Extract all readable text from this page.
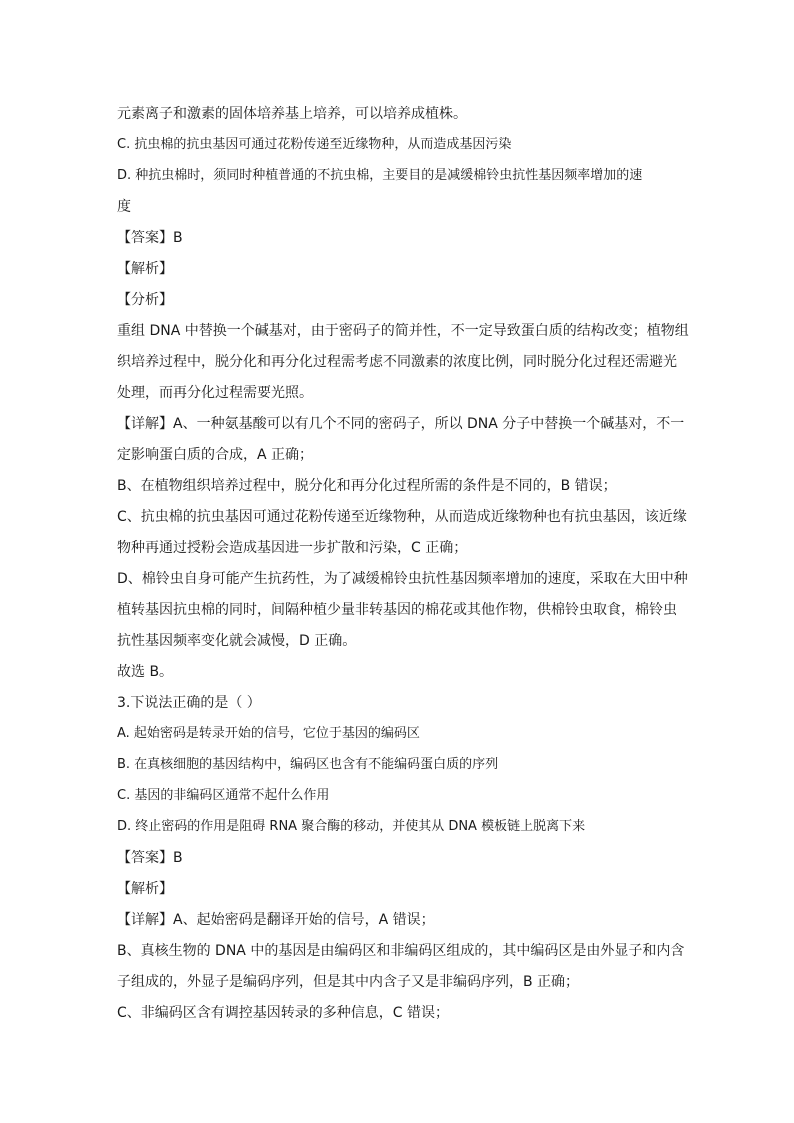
元素离子和激素的固体培养基上培养，可以培养成植株。
C. 抗虫棉的抗虫基因可通过花粉传递至近缘物种，从而造成基因污染
D. 种抗虫棉时，须同时种植普通的不抗虫棉，主要目的是减缓棉铃虫抗性基因频率增加的速
度
【答案】B
【解析】
【分析】
重组 DNA 中替换一个碱基对，由于密码子的简并性，不一定导致蛋白质的结构改变；植物组
织培养过程中，脱分化和再分化过程需考虑不同激素的浓度比例，同时脱分化过程还需避光
处理，而再分化过程需要光照。
【详解】A、一种氨基酸可以有几个不同的密码子，所以 DNA 分子中替换一个碱基对，不一
定影响蛋白质的合成，A 正确；
B、在植物组织培养过程中，脱分化和再分化过程所需的条件是不同的，B 错误；
C、抗虫棉的抗虫基因可通过花粉传递至近缘物种，从而造成近缘物种也有抗虫基因，该近缘
物种再通过授粉会造成基因进一步扩散和污染，C 正确；
D、棉铃虫自身可能产生抗药性，为了减缓棉铃虫抗性基因频率增加的速度，采取在大田中种
植转基因抗虫棉的同时，间隔种植少量非转基因的棉花或其他作物，供棉铃虫取食，棉铃虫
抗性基因频率变化就会减慢，D 正确。
故选 B。
3.下说法正确的是（ ）
A. 起始密码是转录开始的信号，它位于基因的编码区
B. 在真核细胞的基因结构中，编码区也含有不能编码蛋白质的序列
C. 基因的非编码区通常不起什么作用
D. 终止密码的作用是阻碍 RNA 聚合酶的移动，并使其从 DNA 模板链上脱离下来
【答案】B
【解析】
【详解】A、起始密码是翻译开始的信号，A 错误；
B、真核生物的 DNA 中的基因是由编码区和非编码区组成的，其中编码区是由外显子和内含
子组成的，外显子是编码序列，但是其中内含子又是非编码序列，B 正确；
C、非编码区含有调控基因转录的多种信息，C 错误；
